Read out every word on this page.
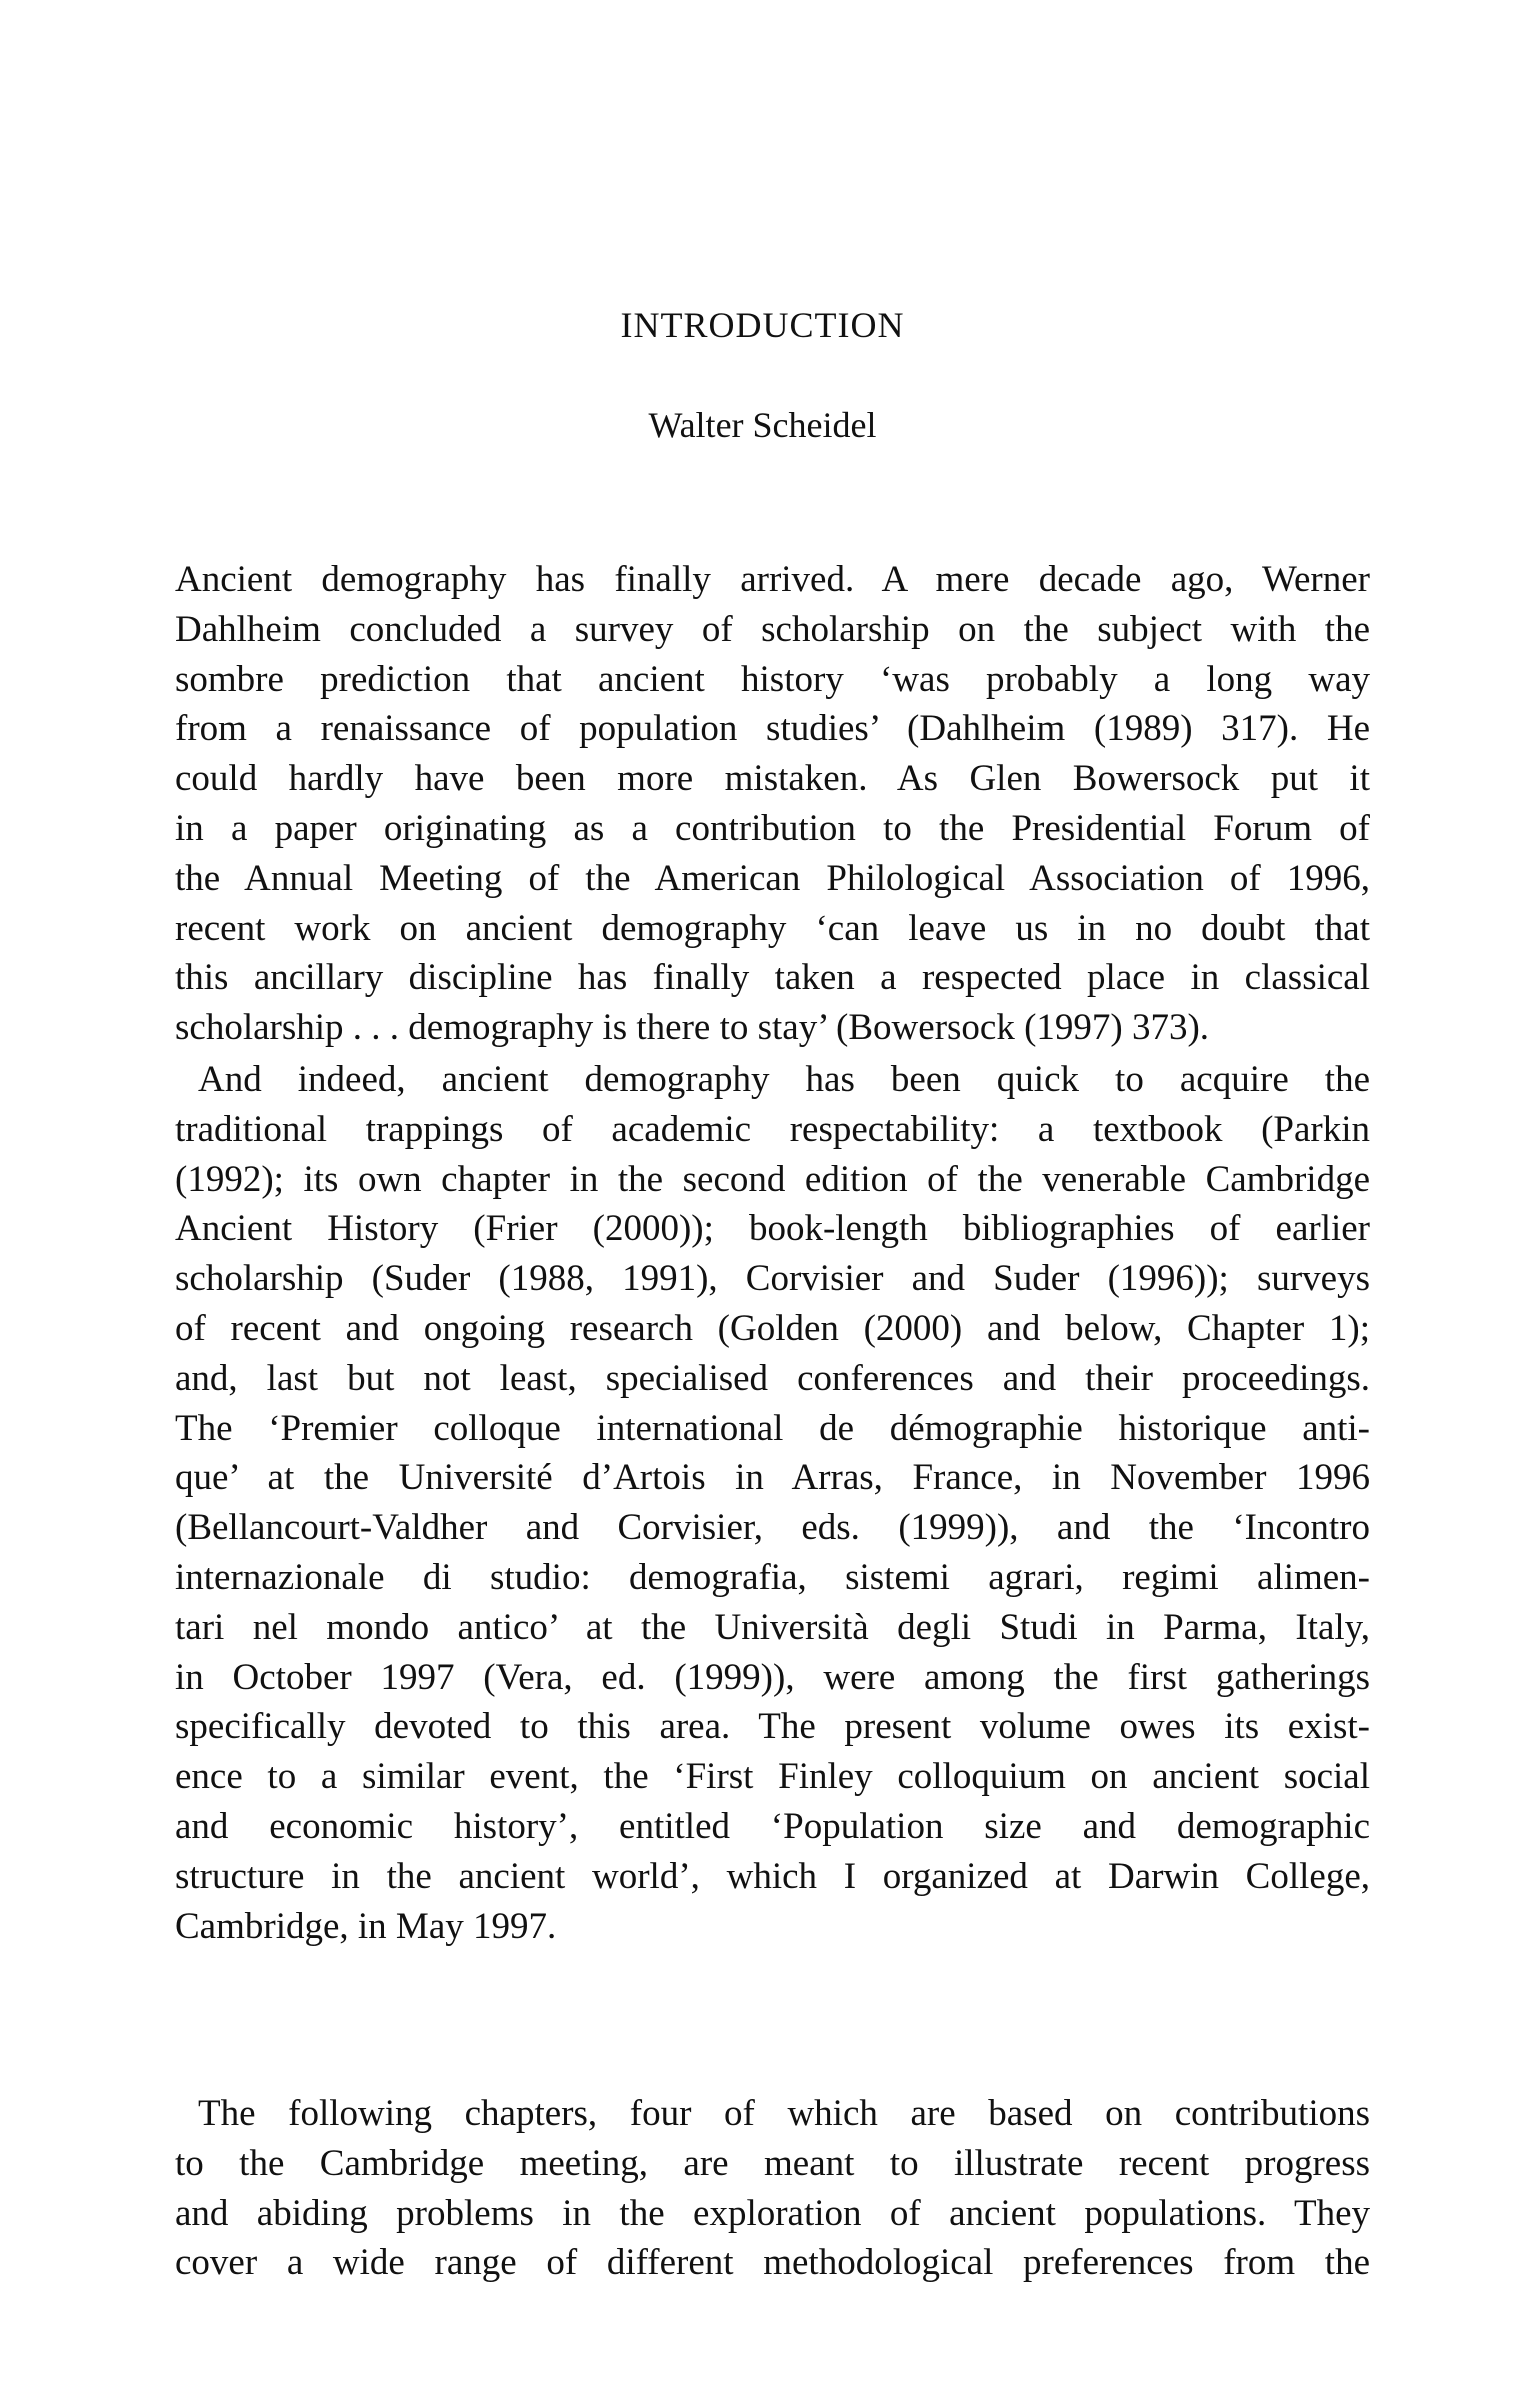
INTRODUCTION
Walter Scheidel
Ancient demography has finally arrived. A mere decade ago, Werner
Dahlheim concluded a survey of scholarship on the subject with the
sombre prediction that ancient history ‘was probably a long way
from a renaissance of population studies’ (Dahlheim (1989) 317). He
could hardly have been more mistaken. As Glen Bowersock put it
in a paper originating as a contribution to the Presidential Forum of
the Annual Meeting of the American Philological Association of 1996,
recent work on ancient demography ‘can leave us in no doubt that
this ancillary discipline has finally taken a respected place in classical
scholarship . . . demography is there to stay’ (Bowersock (1997) 373).
And indeed, ancient demography has been quick to acquire the
traditional trappings of academic respectability: a textbook (Parkin
(1992); its own chapter in the second edition of the venerable Cambridge
Ancient History (Frier (2000)); book-length bibliographies of earlier
scholarship (Suder (1988, 1991), Corvisier and Suder (1996)); surveys
of recent and ongoing research (Golden (2000) and below, Chapter 1);
and, last but not least, specialised conferences and their proceedings.
The ‘Premier colloque international de démographie historique anti-
que’ at the Université d’Artois in Arras, France, in November 1996
(Bellancourt-Valdher and Corvisier, eds. (1999)), and the ‘Incontro
internazionale di studio: demografia, sistemi agrari, regimi alimen-
tari nel mondo antico’ at the Università degli Studi in Parma, Italy,
in October 1997 (Vera, ed. (1999)), were among the first gatherings
specifically devoted to this area. The present volume owes its exist-
ence to a similar event, the ‘First Finley colloquium on ancient social
and economic history’, entitled ‘Population size and demographic
structure in the ancient world’, which I organized at Darwin College,
Cambridge, in May 1997.
The following chapters, four of which are based on contributions
to the Cambridge meeting, are meant to illustrate recent progress
and abiding problems in the exploration of ancient populations. They
cover a wide range of different methodological preferences from the
